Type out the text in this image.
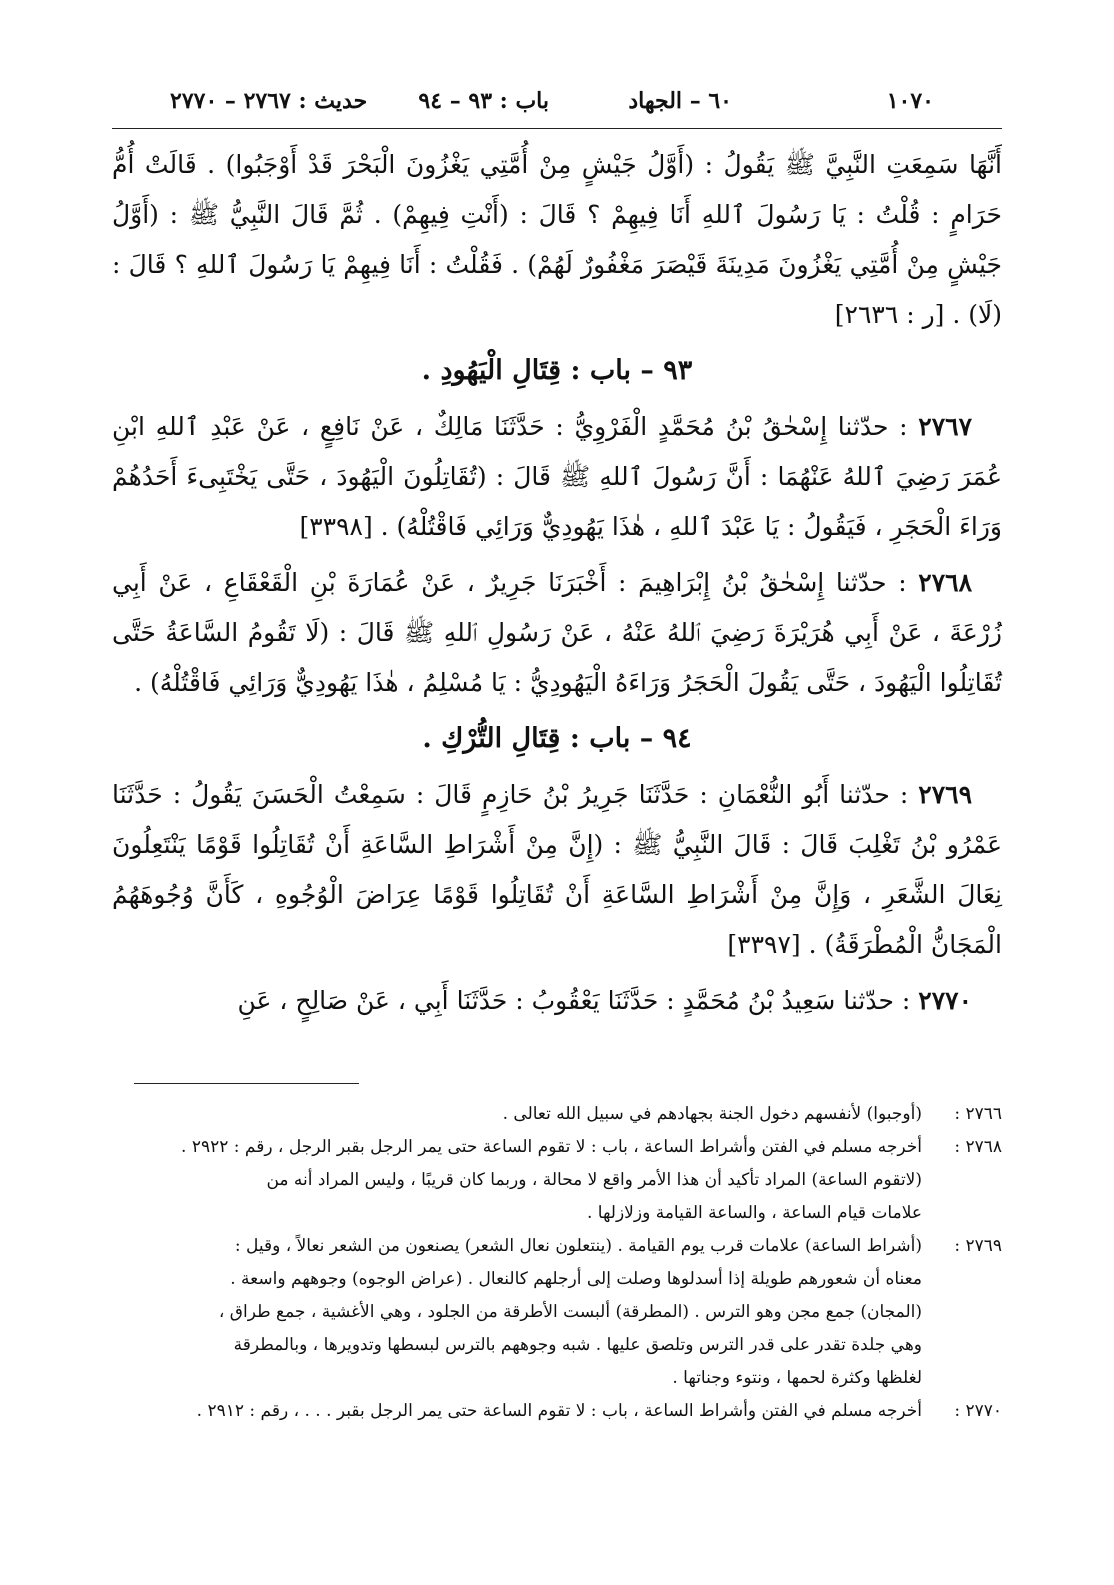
١٠٧٠
٦٠ – الجهاد
باب : ٩٣ – ٩٤
حديث : ٢٧٦٧ – ٢٧٧٠

أَنَّهَا سَمِعَتِ النَّبِيَّ ﷺ يَقُولُ : (أَوَّلُ جَيْشٍ مِنْ أُمَّتِي يَغْزُونَ الْبَحْرَ قَدْ أَوْجَبُوا) . قَالَتْ أُمُّ حَرَامٍ : قُلْتُ : يَا رَسُولَ ٱللهِ أَنَا فِيهِمْ ؟ قَالَ : (أَنْتِ فِيهِمْ) . ثُمَّ قَالَ النَّبِيُّ ﷺ : (أَوَّلُ جَيْشٍ مِنْ أُمَّتِي يَغْزُونَ مَدِينَةَ قَيْصَرَ مَغْفُورٌ لَهُمْ) . فَقُلْتُ : أَنَا فِيهِمْ يَا رَسُولَ ٱللهِ ؟ قَالَ : (لَا) . [ر : ٢٦٣٦]

٩٣ – باب : قِتَالِ الْيَهُودِ .

٢٧٦٧ : حدّثنا إِسْحٰقُ بْنُ مُحَمَّدٍ الْفَرْوِيُّ : حَدَّثَنَا مَالِكٌ ، عَنْ نَافِعٍ ، عَنْ عَبْدِ ٱللهِ ابْنِ عُمَرَ رَضِيَ ٱللهُ عَنْهُمَا : أَنَّ رَسُولَ ٱللهِ ﷺ قَالَ : (تُقَاتِلُونَ الْيَهُودَ ، حَتَّى يَخْتَبِىءَ أَحَدُهُمْ وَرَاءَ الْحَجَرِ ، فَيَقُولُ : يَا عَبْدَ ٱللهِ ، هٰذَا يَهُودِيٌّ وَرَائِي فَاقْتُلْهُ) . [٣٣٩٨]

٢٧٦٨ : حدّثنا إِسْحٰقُ بْنُ إِبْرَاهِيمَ : أَخْبَرَنَا جَرِيرٌ ، عَنْ عُمَارَةَ بْنِ الْقَعْقَاعِ ، عَنْ أَبِي زُرْعَةَ ، عَنْ أَبِي هُرَيْرَةَ رَضِيَ ٱللهُ عَنْهُ ، عَنْ رَسُولِ ٱللهِ ﷺ قَالَ : (لَا تَقُومُ السَّاعَةُ حَتَّى تُقَاتِلُوا الْيَهُودَ ، حَتَّى يَقُولَ الْحَجَرُ وَرَاءَهُ الْيَهُودِيُّ : يَا مُسْلِمُ ، هٰذَا يَهُودِيٌّ وَرَائِي فَاقْتُلْهُ) .

٩٤ – باب : قِتَالِ التُّرْكِ .

٢٧٦٩ : حدّثنا أَبُو النُّعْمَانِ : حَدَّثَنَا جَرِيرُ بْنُ حَازِمٍ قَالَ : سَمِعْتُ الْحَسَنَ يَقُولُ : حَدَّثَنَا عَمْرُو بْنُ تَغْلِبَ قَالَ : قَالَ النَّبِيُّ ﷺ : (إِنَّ مِنْ أَشْرَاطِ السَّاعَةِ أَنْ تُقَاتِلُوا قَوْمًا يَنْتَعِلُونَ نِعَالَ الشَّعَرِ ، وَإِنَّ مِنْ أَشْرَاطِ السَّاعَةِ أَنْ تُقَاتِلُوا قَوْمًا عِرَاضَ الْوُجُوهِ ، كَأَنَّ وُجُوهَهُمُ الْمَجَانُّ الْمُطْرَقَةُ) . [٣٣٩٧]

٢٧٧٠ : حدّثنا سَعِيدُ بْنُ مُحَمَّدٍ : حَدَّثَنَا يَعْقُوبُ : حَدَّثَنَا أَبِي ، عَنْ صَالِحٍ ، عَنِ

٢٧٦٦ :
(أوجبوا) لأنفسهم دخول الجنة بجهادهم في سبيل الله تعالى .
٢٧٦٨ :
أخرجه مسلم في الفتن وأشراط الساعة ، باب : لا تقوم الساعة حتى يمر الرجل بقبر الرجل ، رقم : ٢٩٢٢ .
(لاتقوم الساعة) المراد تأكيد أن هذا الأمر واقع لا محالة ، وربما كان قريبًا ، وليس المراد أنه من
علامات قيام الساعة ، والساعة القيامة وزلازلها .
٢٧٦٩ :
(أشراط الساعة) علامات قرب يوم القيامة . (ينتعلون نعال الشعر) يصنعون من الشعر نعالاً ، وقيل :
معناه أن شعورهم طويلة إذا أسدلوها وصلت إلى أرجلهم كالنعال . (عراض الوجوه) وجوههم واسعة .
(المجان) جمع مجن وهو الترس . (المطرقة) ألبست الأطرقة من الجلود ، وهي الأغشية ، جمع طراق ،
وهي جلدة تقدر على قدر الترس وتلصق عليها . شبه وجوههم بالترس لبسطها وتدويرها ، وبالمطرقة
لغلظها وكثرة لحمها ، ونتوء وجناتها .
٢٧٧٠ :
أخرجه مسلم في الفتن وأشراط الساعة ، باب : لا تقوم الساعة حتى يمر الرجل بقبر . . . ، رقم : ٢٩١٢ .
